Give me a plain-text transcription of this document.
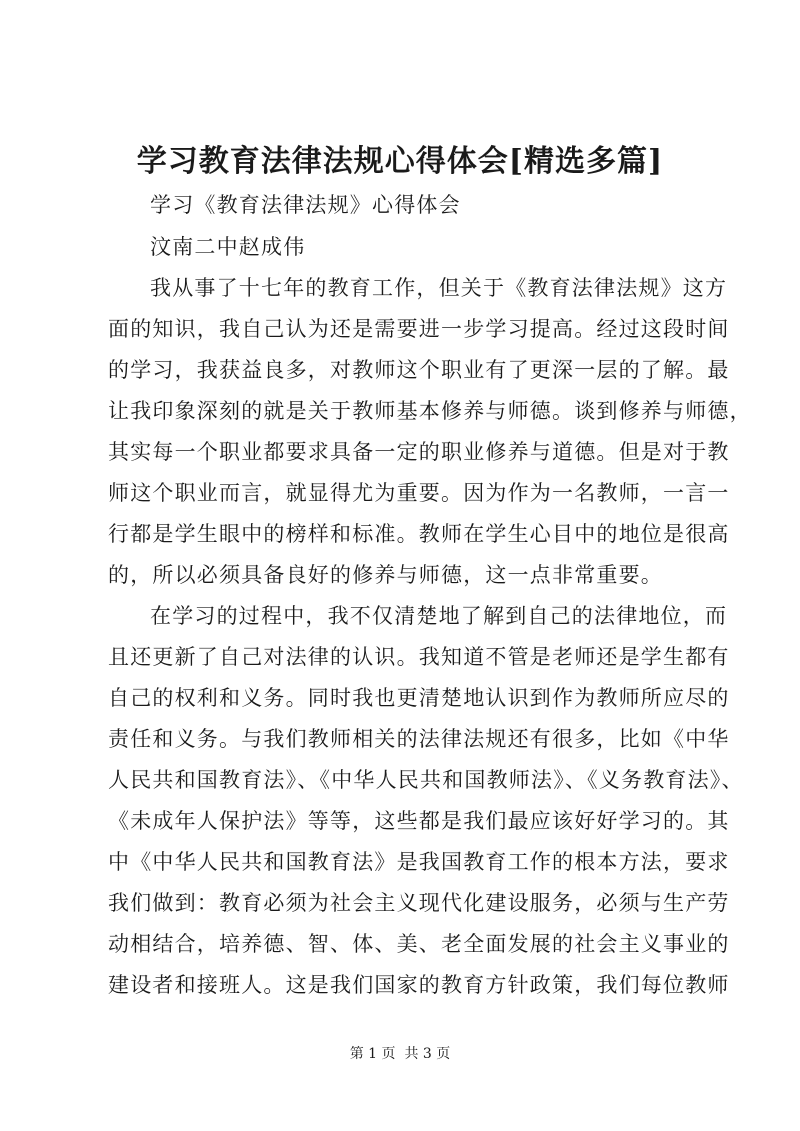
学习教育法律法规心得体会[精选多篇]
学习《教育法律法规》心得体会
汶南二中赵成伟
我从事了十七年的教育工作，但关于《教育法律法规》这方
面的知识，我自己认为还是需要进一步学习提高。经过这段时间
的学习，我获益良多，对教师这个职业有了更深一层的了解。最
让我印象深刻的就是关于教师基本修养与师德。谈到修养与师德，
其实每一个职业都要求具备一定的职业修养与道德。但是对于教
师这个职业而言，就显得尤为重要。因为作为一名教师，一言一
行都是学生眼中的榜样和标准。教师在学生心目中的地位是很高
的，所以必须具备良好的修养与师德，这一点非常重要。
在学习的过程中，我不仅清楚地了解到自己的法律地位，而
且还更新了自己对法律的认识。我知道不管是老师还是学生都有
自己的权利和义务。同时我也更清楚地认识到作为教师所应尽的
责任和义务。与我们教师相关的法律法规还有很多，比如《中华
人民共和国教育法》、《中华人民共和国教师法》、《义务教育法》、
《未成年人保护法》等等，这些都是我们最应该好好学习的。其
中《中华人民共和国教育法》是我国教育工作的根本方法，要求
我们做到：教育必须为社会主义现代化建设服务，必须与生产劳
动相结合，培养德、智、体、美、老全面发展的社会主义事业的
建设者和接班人。这是我们国家的教育方针政策，我们每位教师
第 1 页  共 3 页
